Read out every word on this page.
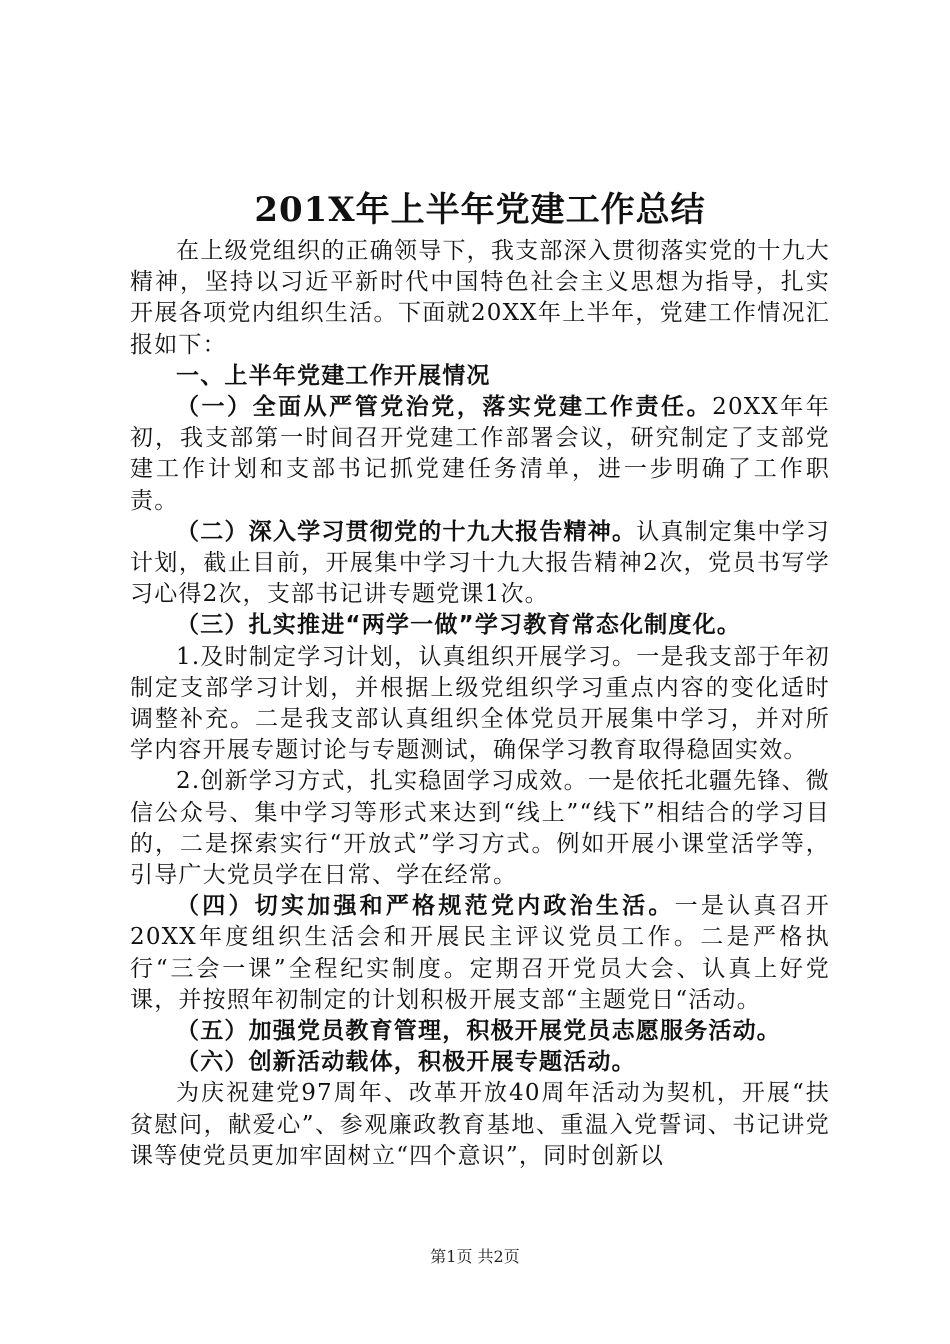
201X年上半年党建工作总结

在上级党组织的正确领导下，我支部深入贯彻落实党的十九大精神，坚持以习近平新时代中国特色社会主义思想为指导，扎实开展各项党内组织生活。下面就20XX年上半年，党建工作情况汇报如下：

一、上半年党建工作开展情况

（一）全面从严管党治党，落实党建工作责任。20XX年年初，我支部第一时间召开党建工作部署会议，研究制定了支部党建工作计划和支部书记抓党建任务清单，进一步明确了工作职责。

（二）深入学习贯彻党的十九大报告精神。认真制定集中学习计划，截止目前，开展集中学习十九大报告精神2次，党员书写学习心得2次，支部书记讲专题党课1次。

（三）扎实推进“两学一做”学习教育常态化制度化。

1.及时制定学习计划，认真组织开展学习。一是我支部于年初制定支部学习计划，并根据上级党组织学习重点内容的变化适时调整补充。二是我支部认真组织全体党员开展集中学习，并对所学内容开展专题讨论与专题测试，确保学习教育取得稳固实效。

2.创新学习方式，扎实稳固学习成效。一是依托北疆先锋、微信公众号、集中学习等形式来达到“线上”“线下”相结合的学习目的，二是探索实行“开放式”学习方式。例如开展小课堂活学等，引导广大党员学在日常、学在经常。

（四）切实加强和严格规范党内政治生活。一是认真召开20XX年度组织生活会和开展民主评议党员工作。二是严格执行“三会一课”全程纪实制度。定期召开党员大会、认真上好党课，并按照年初制定的计划积极开展支部“主题党日“活动。

（五）加强党员教育管理，积极开展党员志愿服务活动。

（六）创新活动载体，积极开展专题活动。

为庆祝建党97周年、改革开放40周年活动为契机，开展“扶贫慰问，献爱心”、参观廉政教育基地、重温入党誓词、书记讲党课等使党员更加牢固树立“四个意识”，同时创新以

第1页 共2页
